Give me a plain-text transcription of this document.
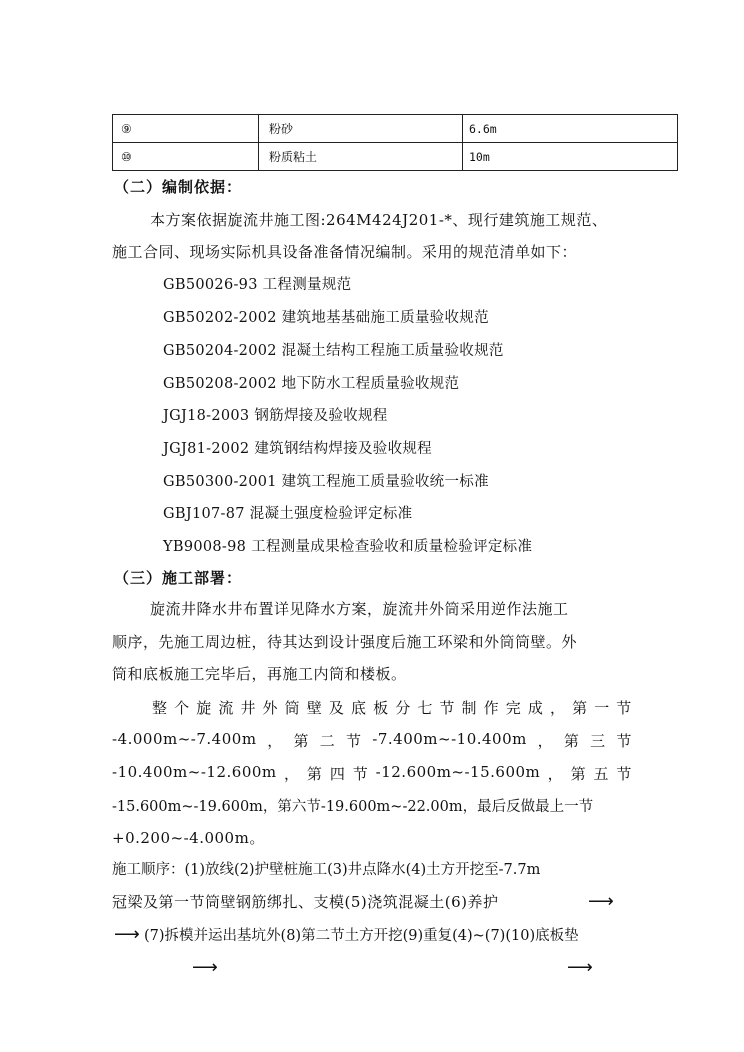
⑨	粉砂	6.6m
⑩	粉质粘土	10m
（二）编制依据：
本方案依据旋流井施工图:264M424J201-*、现行建筑施工规范、
施工合同、现场实际机具设备准备情况编制。采用的规范清单如下：
GB50026-93 工程测量规范
GB50202-2002 建筑地基基础施工质量验收规范
GB50204-2002 混凝土结构工程施工质量验收规范
GB50208-2002 地下防水工程质量验收规范
JGJ18-2003 钢筋焊接及验收规程
JGJ81-2002 建筑钢结构焊接及验收规程
GB50300-2001 建筑工程施工质量验收统一标准
GBJ107-87 混凝土强度检验评定标准
YB9008-98 工程测量成果检查验收和质量检验评定标准
（三）施工部署：
旋流井降水井布置详见降水方案，旋流井外筒采用逆作法施工
顺序，先施工周边桩，待其达到设计强度后施工环梁和外筒筒壁。外
筒和底板施工完毕后，再施工内筒和楼板。
整 个 旋 流 井 外 筒 壁 及 底 板 分 七 节 制 作 完 成 ， 第 一 节
-4.000m~-7.400m ， 第 二 节 -7.400m~-10.400m ， 第 三 节
-10.400m~-12.600m ， 第 四 节 -12.600m~-15.600m ， 第 五 节
-15.600m~-19.600m，第六节-19.600m~-22.00m，最后反做最上一节
+0.200~-4.000m。
施工顺序：(1)放线(2)护壁桩施工(3)井点降水(4)土方开挖至-7.7m
冠梁及第一节筒壁钢筋绑扎、支模(5)浇筑混凝土(6)养护	⟶
⟶ (7)拆模并运出基坑外(8)第二节土方开挖(9)重复(4)~(7)(10)底板垫
⟶	⟶
